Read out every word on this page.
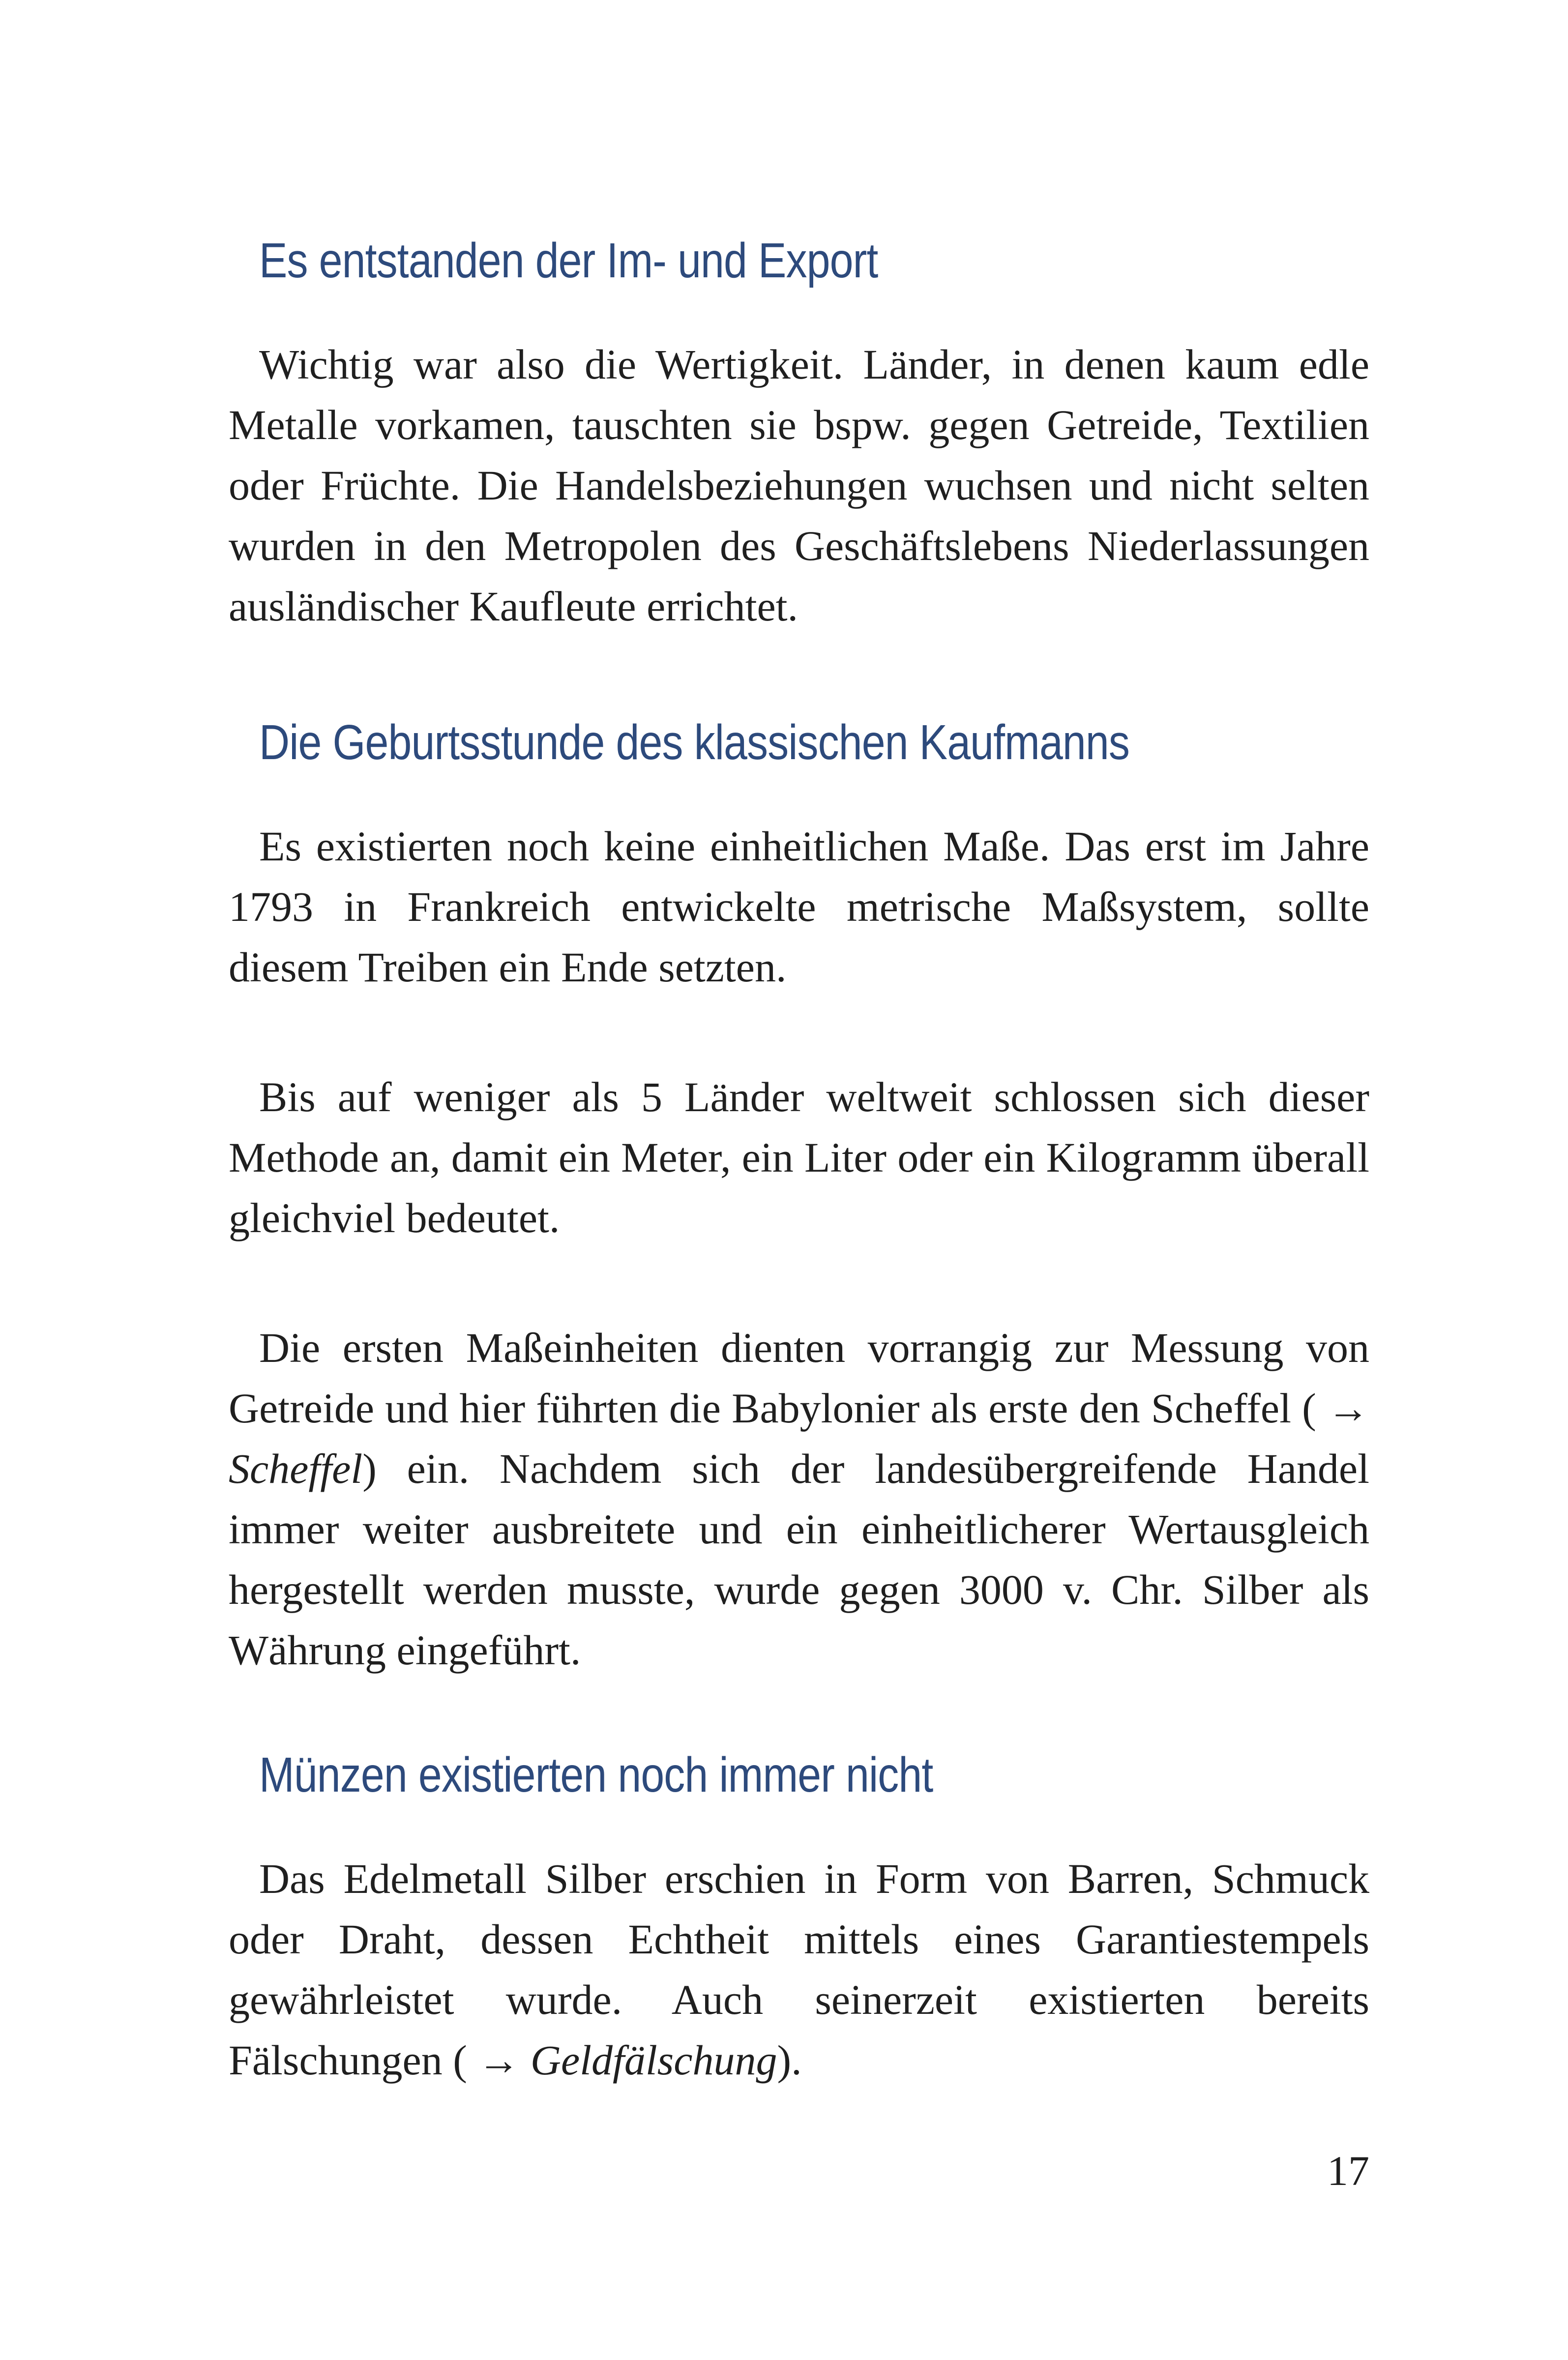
Es entstanden der Im- und Export

Wichtig war also die Wertigkeit. Länder, in denen kaum edle Metalle vorkamen, tauschten sie bspw. gegen Getreide, Textilien oder Früchte. Die Handelsbeziehungen wuchsen und nicht selten wurden in den Metropolen des Geschäftslebens Niederlassungen ausländischer Kaufleute errichtet.

Die Geburtsstunde des klassischen Kaufmanns

Es existierten noch keine einheitlichen Maße. Das erst im Jahre 1793 in Frankreich entwickelte metrische Maßsystem, sollte diesem Treiben ein Ende setzten.

Bis auf weniger als 5 Länder weltweit schlossen sich dieser Methode an, damit ein Meter, ein Liter oder ein Kilogramm überall gleichviel bedeutet.

Die ersten Maßeinheiten dienten vorrangig zur Messung von Getreide und hier führten die Babylonier als erste den Scheffel ( → Scheffel) ein. Nachdem sich der landesübergreifende Handel immer weiter ausbreitete und ein einheitlicherer Wertausgleich hergestellt werden musste, wurde gegen 3000 v. Chr. Silber als Währung eingeführt.

Münzen existierten noch immer nicht

Das Edelmetall Silber erschien in Form von Barren, Schmuck oder Draht, dessen Echtheit mittels eines Garantiestempels gewährleistet wurde. Auch seinerzeit existierten bereits Fälschungen ( → Geldfälschung).

17
